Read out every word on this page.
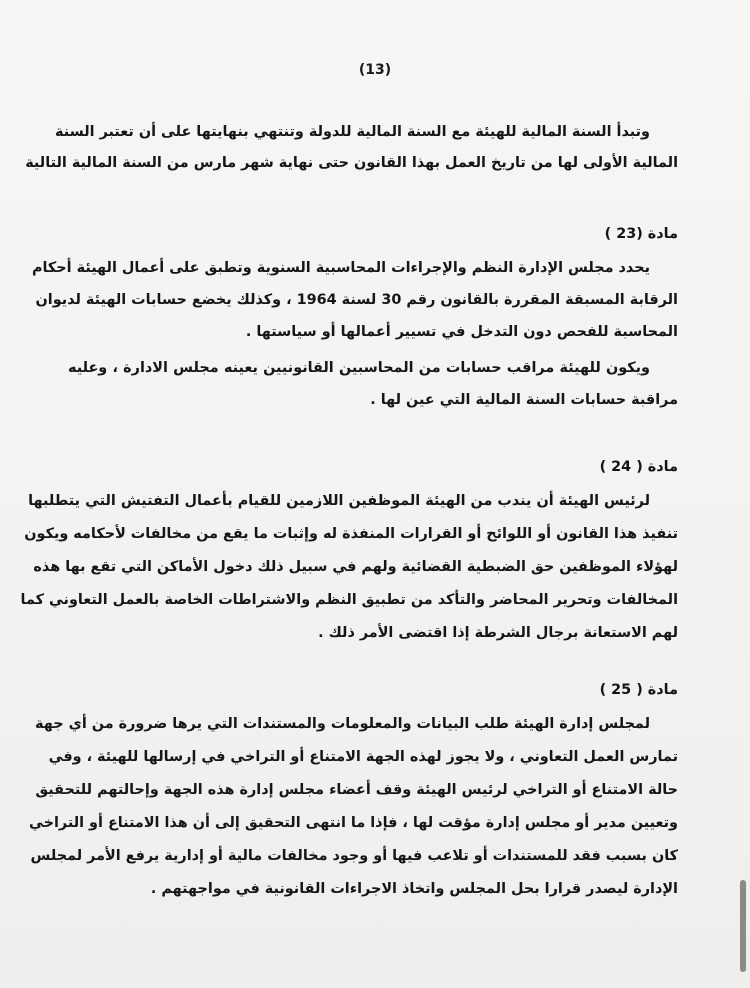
(13)
وتبدأ السنة المالية للهيئة مع السنة المالية للدولة وتنتهي بنهايتها على أن تعتبر السنة
المالية الأولى لها من تاريخ العمل بهذا القانون حتى نهاية شهر مارس من السنة المالية التالية
مادة (23 )
يحدد مجلس الإدارة النظم والإجراءات المحاسبية السنوية وتطبق على أعمال الهيئة أحكام
الرقابة المسبقة المقررة بالقانون رقم 30 لسنة 1964 ، وكذلك يخضع حسابات الهيئة لديوان
المحاسبة للفحص دون التدخل في تسيير أعمالها أو سياستها .
ويكون للهيئة مراقب حسابات من المحاسبين القانونيين يعينه مجلس الادارة ، وعليه
مراقبة حسابات السنة المالية التي عين لها .
مادة ( 24 )
لرئيس الهيئة أن يندب من الهيئة الموظفين اللازمين للقيام بأعمال التفتيش التي يتطلبها
تنفيذ هذا القانون أو اللوائح أو القرارات المنفذة له وإثبات ما يقع من مخالفات لأحكامه ويكون
لهؤلاء الموظفين حق الضبطية القضائية ولهم في سبيل ذلك دخول الأماكن التي تقع بها هذه
المخالفات وتحرير المحاضر والتأكد من تطبيق النظم والاشتراطات الخاصة بالعمل التعاوني كما
لهم الاستعانة برجال الشرطة إذا اقتضى الأمر ذلك .
مادة ( 25 )
لمجلس إدارة الهيئة طلب البيانات والمعلومات والمستندات التي يرها ضرورة من أي جهة
تمارس العمل التعاوني ، ولا يجوز لهذه الجهة الامتناع أو التراخي في إرسالها للهيئة ، وفي
حالة الامتناع أو التراخي لرئيس الهيئة وقف أعضاء مجلس إدارة هذه الجهة وإحالتهم للتحقيق
وتعيين مدير أو مجلس إدارة مؤقت لها ، فإذا ما انتهى التحقيق إلى أن هذا الامتناع أو التراخي
كان بسبب فقد للمستندات أو تلاعب فيها أو وجود مخالفات مالية أو إدارية يرفع الأمر لمجلس
الإدارة ليصدر قرارا بحل المجلس واتخاذ الاجراءات القانونية في مواجهتهم .
